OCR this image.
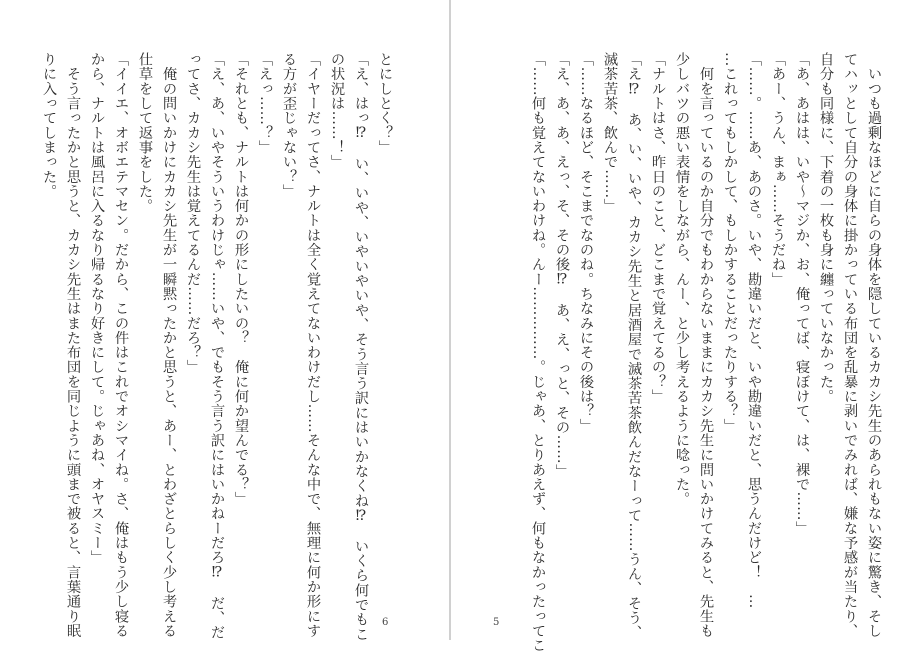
とにしとく？」
「え、はっ⁉　い、いや、いやいやいや、そう言う訳にはいかなくね⁉　いくら何でもこ
の状況は……！」
「イヤーだってさ、ナルトは全く覚えてないわけだし……そんな中で、無理に何か形にす
る方が歪じゃない？」
「えっ……？」
「それとも、ナルトは何かの形にしたいの？　俺に何か望んでる？」
「え、あ、いやそういうわけじゃ……いや、でもそう言う訳にはいかねーだろ⁉　だ、だ
ってさ、カカシ先生は覚えてるんだ……だろ？」
　俺の問いかけにカカシ先生が一瞬黙ったかと思うと、あー、とわざとらしく少し考える
仕草をして返事をした。
「イイエ、オボエテマセン。だから、この件はこれでオシマイね。さ、俺はもう少し寝る
から、ナルトは風呂に入るなり帰るなり好きにして。じゃあね、オヤスミー」
　そう言ったかと思うと、カカシ先生はまた布団を同じように頭まで被ると、言葉通り眠
りに入ってしまった。
6	　いつも過剰なほどに自らの身体を隠しているカカシ先生のあられもない姿に驚き、そし
てハッとして自分の身体に掛かっている布団を乱暴に剥いでみれば、嫌な予感が当たり、
自分も同様に、下着の一枚も身に纏っていなかった。
「あ、あはは、いや〜マジか、お、俺ってば、寝ぼけて、は、裸で……」
「あー、うん、まぁ……そうだね」
「……。……あ、あのさ。いや、勘違いだと、いや勘違いだと、思うんだけど！　…
…これってもしかして、もしかすることだったりする？」
　何を言っているのか自分でもわからないままにカカシ先生に問いかけてみると、先生も
少しバツの悪い表情をしながら、んー、と少し考えるように唸った。
「ナルトはさ、昨日のこと、どこまで覚えてるの？」
「え⁉　あ、い、いや、カカシ先生と居酒屋で滅茶苦茶飲んだなーって……うん、そう、
滅茶苦茶、飲んで……」
「……なるほど、そこまでなのね。ちなみにその後は？」
「え、あ、あ、えっ、そ、その後⁉　あ、え、っと、その……」
「……何も覚えてないわけね。んー……………。じゃあ、とりあえず、何もなかったってこ
5
